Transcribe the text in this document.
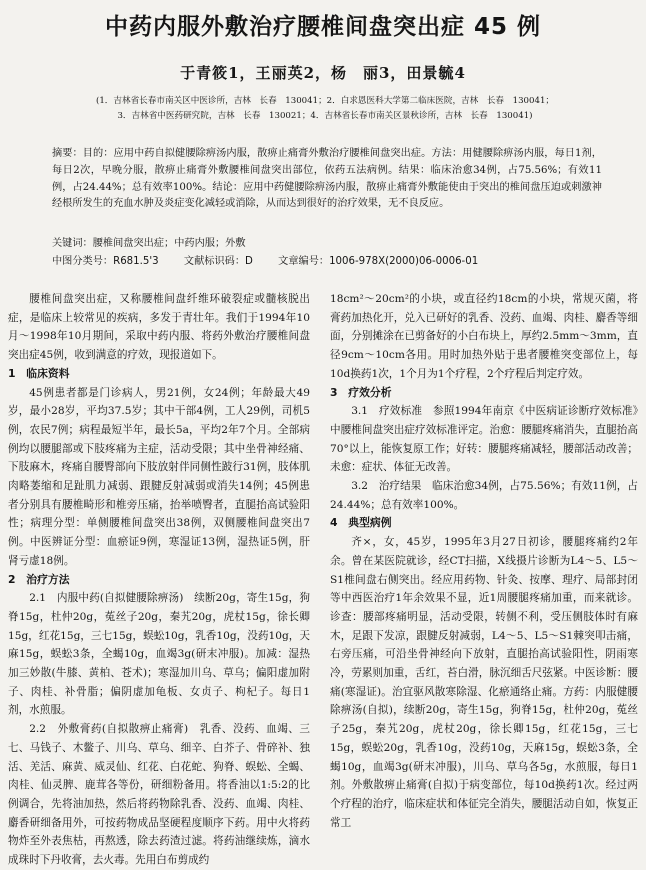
中药内服外敷治疗腰椎间盘突出症 45 例
于青筱1，王丽英2，杨　丽3，田景毓4
(1．吉林省长春市南关区中医诊所，吉林　长春　130041；2．白求恩医科大学第二临床医院，吉林　长春　130041；
3．吉林省中医药研究院，吉林　长春　130021；4．吉林省长春市南关区景秋诊所，吉林　长春　130041)
摘要：目的：应用中药自拟健腰除痹汤内服，散痹止痛膏外敷治疗腰椎间盘突出症。方法：用健腰除痹汤内服，每日1剂，每日2次，早晚分服，散痹止痛膏外敷腰椎间盘突出部位，依药五法病例。结果：临床治愈34例，占75.56%；有效11例，占24.44%；总有效率100%。结论：应用中药健腰除痹汤内服，散痹止痛膏外敷能使由于突出的椎间盘压迫或刺激神经根所发生的充血水肿及炎症变化减轻或消除，从而达到很好的治疗效果，无不良反应。
关键词：腰椎间盘突出症；中药内服；外敷
中图分类号：R681.5'3 文献标识码：D 文章编号：1006-978X(2000)06-0006-01

腰椎间盘突出症，又称腰椎间盘纤维环破裂症或髓核脱出症，是临床上较常见的疾病，多发于青壮年。我们于1994年10月～1998年10月期间，采取中药内服、将药外敷治疗腰椎间盘突出症45例，收到满意的疗效，现报道如下。

1　临床资料

45例患者都是门诊病人，男21例，女24例；年龄最大49岁，最小28岁，平均37.5岁；其中干部4例，工人29例，司机5例，农民7例；病程最短半年，最长5a，平均2年7个月。全部病例均以腰腿部或下肢疼痛为主症，活动受限；其中坐骨神经痛、下肢麻木，疼痛自腰臀部向下肢放射伴同侧性跛行31例，肢体肌肉略萎缩和足趾肌力减弱、跟腱反射减弱或消失14例；45例患者分别具有腰椎畸形和椎旁压痛，抬举喷臀者，直腿抬高试验阳性；病理分型：单侧腰椎间盘突出38例，双侧腰椎间盘突出7例。中医辨证分型：血瘀证9例，寒湿证13例，湿热证5例，肝肾亏虚18例。

2　治疗方法

2.1　内服中药(自拟健腰除痹汤)　续断20g，寄生15g，狗脊15g，杜仲20g，菟丝子20g，秦艽20g，虎杖15g，徐长卿15g，红花15g，三七15g，蜈蚣10g，乳香10g，没药10g，天麻15g，蜈蚣3条，全蝎10g，血竭3g(研末冲服)。加减：湿热加三妙散(牛膝、黄柏、苍术)；寒湿加川乌、草乌；偏阳虚加附子、肉桂、补骨脂；偏阴虚加龟板、女贞子、枸杞子。每日1剂，水煎服。

2.2　外敷膏药(自拟散痹止痛膏)　乳香、没药、血竭、三七、马钱子、木鳖子、川乌、草乌、细辛、白芥子、骨碎补、独活、羌活、麻黄、威灵仙、红花、白花蛇、狗脊、蜈蚣、全蝎、肉桂、仙灵脾、鹿茸各等份，研细粉备用。将香油以1:5:2的比例调合，先将油加热，然后将药物除乳香、没药、血竭、肉桂、麝香研细备用外，可按药物成品坚硬程度顺序下药。用中火将药物炸至外表焦枯，再熬透，除去药渣过滤。将药油继续炼，滴水成珠时下丹收膏，去火毒。先用白布剪成约

18cm²～20cm²的小块，或直径约18cm的小块，常规灭菌，将膏药加热化开，兑入已研好的乳香、没药、血竭、肉桂、麝香等细面，分别摊涂在已剪备好的小白布块上，厚约2.5mm～3mm，直径9cm～10cm各用。用时加热外贴于患者腰椎突变部位上，每10d换药1次，1个月为1个疗程，2个疗程后判定疗效。

3　疗效分析

3.1　疗效标准　参照1994年南京《中医病证诊断疗效标准》中腰椎间盘突出症疗效标准评定。治愈：腰腿疼痛消失，直腿抬高70°以上，能恢复原工作；好转：腰腿疼痛减轻，腰部活动改善；未愈：症状、体征无改善。

3.2　治疗结果　临床治愈34例，占75.56%；有效11例，占24.44%；总有效率100%。

4　典型病例

齐×，女，45岁，1995年3月27日初诊，腰腿疼痛约2年余。曾在某医院就诊，经CT扫描，X线摄片诊断为L4～5、L5～S1椎间盘右侧突出。经应用药物、针灸、按摩、理疗、局部封闭等中西医治疗1年余效果不显，近1周腰腿疼痛加重，而来就诊。诊查：腰部疼痛明显，活动受限，转侧不利，受压侧肢体时有麻木，足跟下发凉，跟腱反射减弱，L4～5、L5～S1棘突叩击痛，右旁压痛，可沿坐骨神经向下放射，直腿抬高试验阳性，阴雨寒冷，劳累则加重，舌红，苔白滑，脉沉细舌尺弦紧。中医诊断：腰痛(寒湿证)。治宜驱风散寒除湿、化瘀通络止痛。方药：内服健腰除痹汤(自拟)，续断20g，寄生15g，狗脊15g，杜仲20g，菟丝子25g，秦艽20g，虎杖20g，徐长卿15g，红花15g，三七15g，蜈蚣20g，乳香10g，没药10g，天麻15g，蜈蚣3条，全蝎10g，血竭3g(研末冲服)，川乌、草乌各5g，水煎服，每日1剂。外敷散痹止痛膏(自拟)于病变部位，每10d换药1次。经过两个疗程的治疗，临床症状和体征完全消失，腰腿活动自如，恢复正常工
